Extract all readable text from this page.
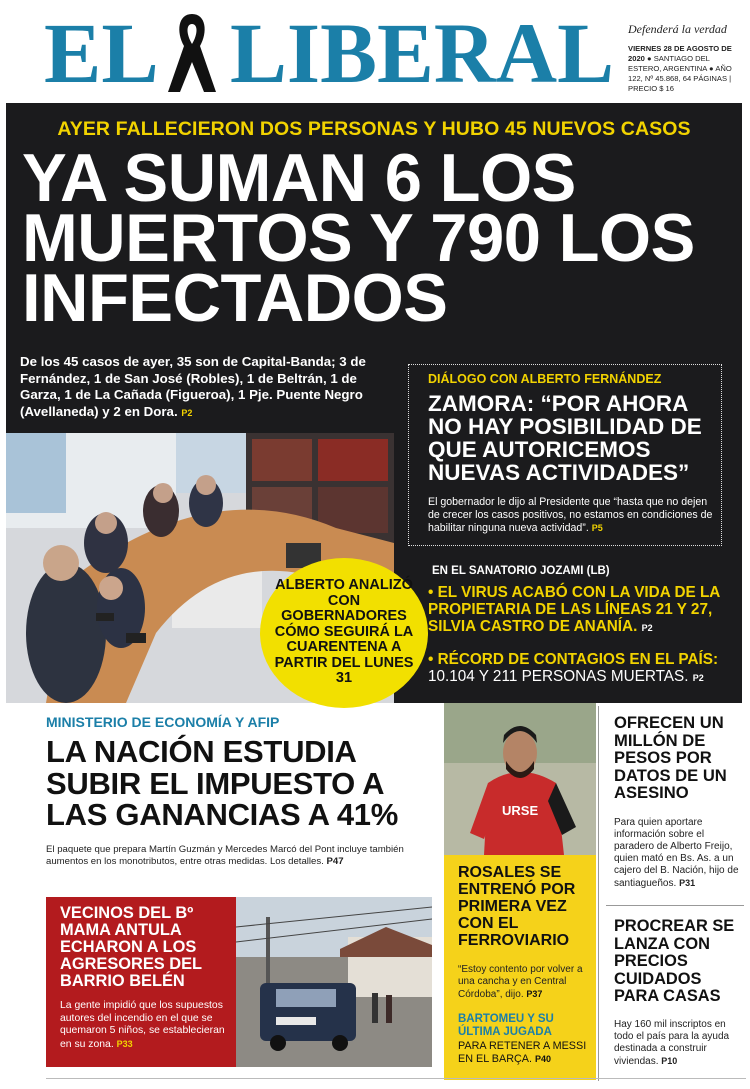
EL LIBERAL Defenderá la verdad
VIERNES 28 DE AGOSTO DE 2020 ● SANTIAGO DEL ESTERO, ARGENTINA ● AÑO 122, Nº 45.868, 64 PÁGINAS | PRECIO $ 16
AYER FALLECIERON DOS PERSONAS Y HUBO 45 NUEVOS CASOS
YA SUMAN 6 LOS MUERTOS Y 790 LOS INFECTADOS
De los 45 casos de ayer, 35 son de Capital-Banda; 3 de Fernández, 1 de San José (Robles), 1 de Beltrán, 1 de Garza, 1 de La Cañada (Figueroa), 1 Pje. Puente Negro (Avellaneda) y 2 en Dora. P2
DIÁLOGO CON ALBERTO FERNÁNDEZ
ZAMORA: “POR AHORA NO HAY POSIBILIDAD DE QUE AUTORICEMOS NUEVAS ACTIVIDADES”
El gobernador le dijo al Presidente que “hasta que no dejen de crecer los casos positivos, no estamos en condiciones de habilitar ninguna nueva actividad”. P5
ALBERTO ANALIZÓ CON GOBERNADORES CÓMO SEGUIRÁ LA CUARENTENA A PARTIR DEL LUNES 31
EN EL SANATORIO JOZAMI (LB)
• EL VIRUS ACABÓ CON LA VIDA DE LA PROPIETARIA DE LAS LÍNEAS 21 Y 27, SILVIA CASTRO DE ANANÍA. P2
• RÉCORD DE CONTAGIOS EN EL PAÍS: 10.104 Y 211 PERSONAS MUERTAS. P2
MINISTERIO DE ECONOMÍA Y AFIP
LA NACIÓN ESTUDIA SUBIR EL IMPUESTO A LAS GANANCIAS A 41%
El paquete que prepara Martín Guzmán y Mercedes Marcó del Pont incluye también aumentos en los monotributos, entre otras medidas. Los detalles. P47
VECINOS DEL Bº MAMA ANTULA ECHARON A LOS AGRESORES DEL BARRIO BELÉN
La gente impidió que los supuestos autores del incendio en el que se quemaron 5 niños, se establecieran en su zona. P33
URSE
ROSALES SE ENTRENÓ POR PRIMERA VEZ CON EL FERROVIARIO
“Estoy contento por volver a una cancha y en Central Córdoba”, dijo. P37
BARTOMEU Y SU ÚLTIMA JUGADA
PARA RETENER A MESSI EN EL BARÇA. P40
OFRECEN UN MILLÓN DE PESOS POR DATOS DE UN ASESINO
Para quien aportare información sobre el paradero de Alberto Freijo, quien mató en Bs. As. a un cajero del B. Nación, hijo de santiagueños. P31
PROCREAR SE LANZA CON PRECIOS CUIDADOS PARA CASAS
Hay 160 mil inscriptos en todo el país para la ayuda destinada a construir viviendas. P10
